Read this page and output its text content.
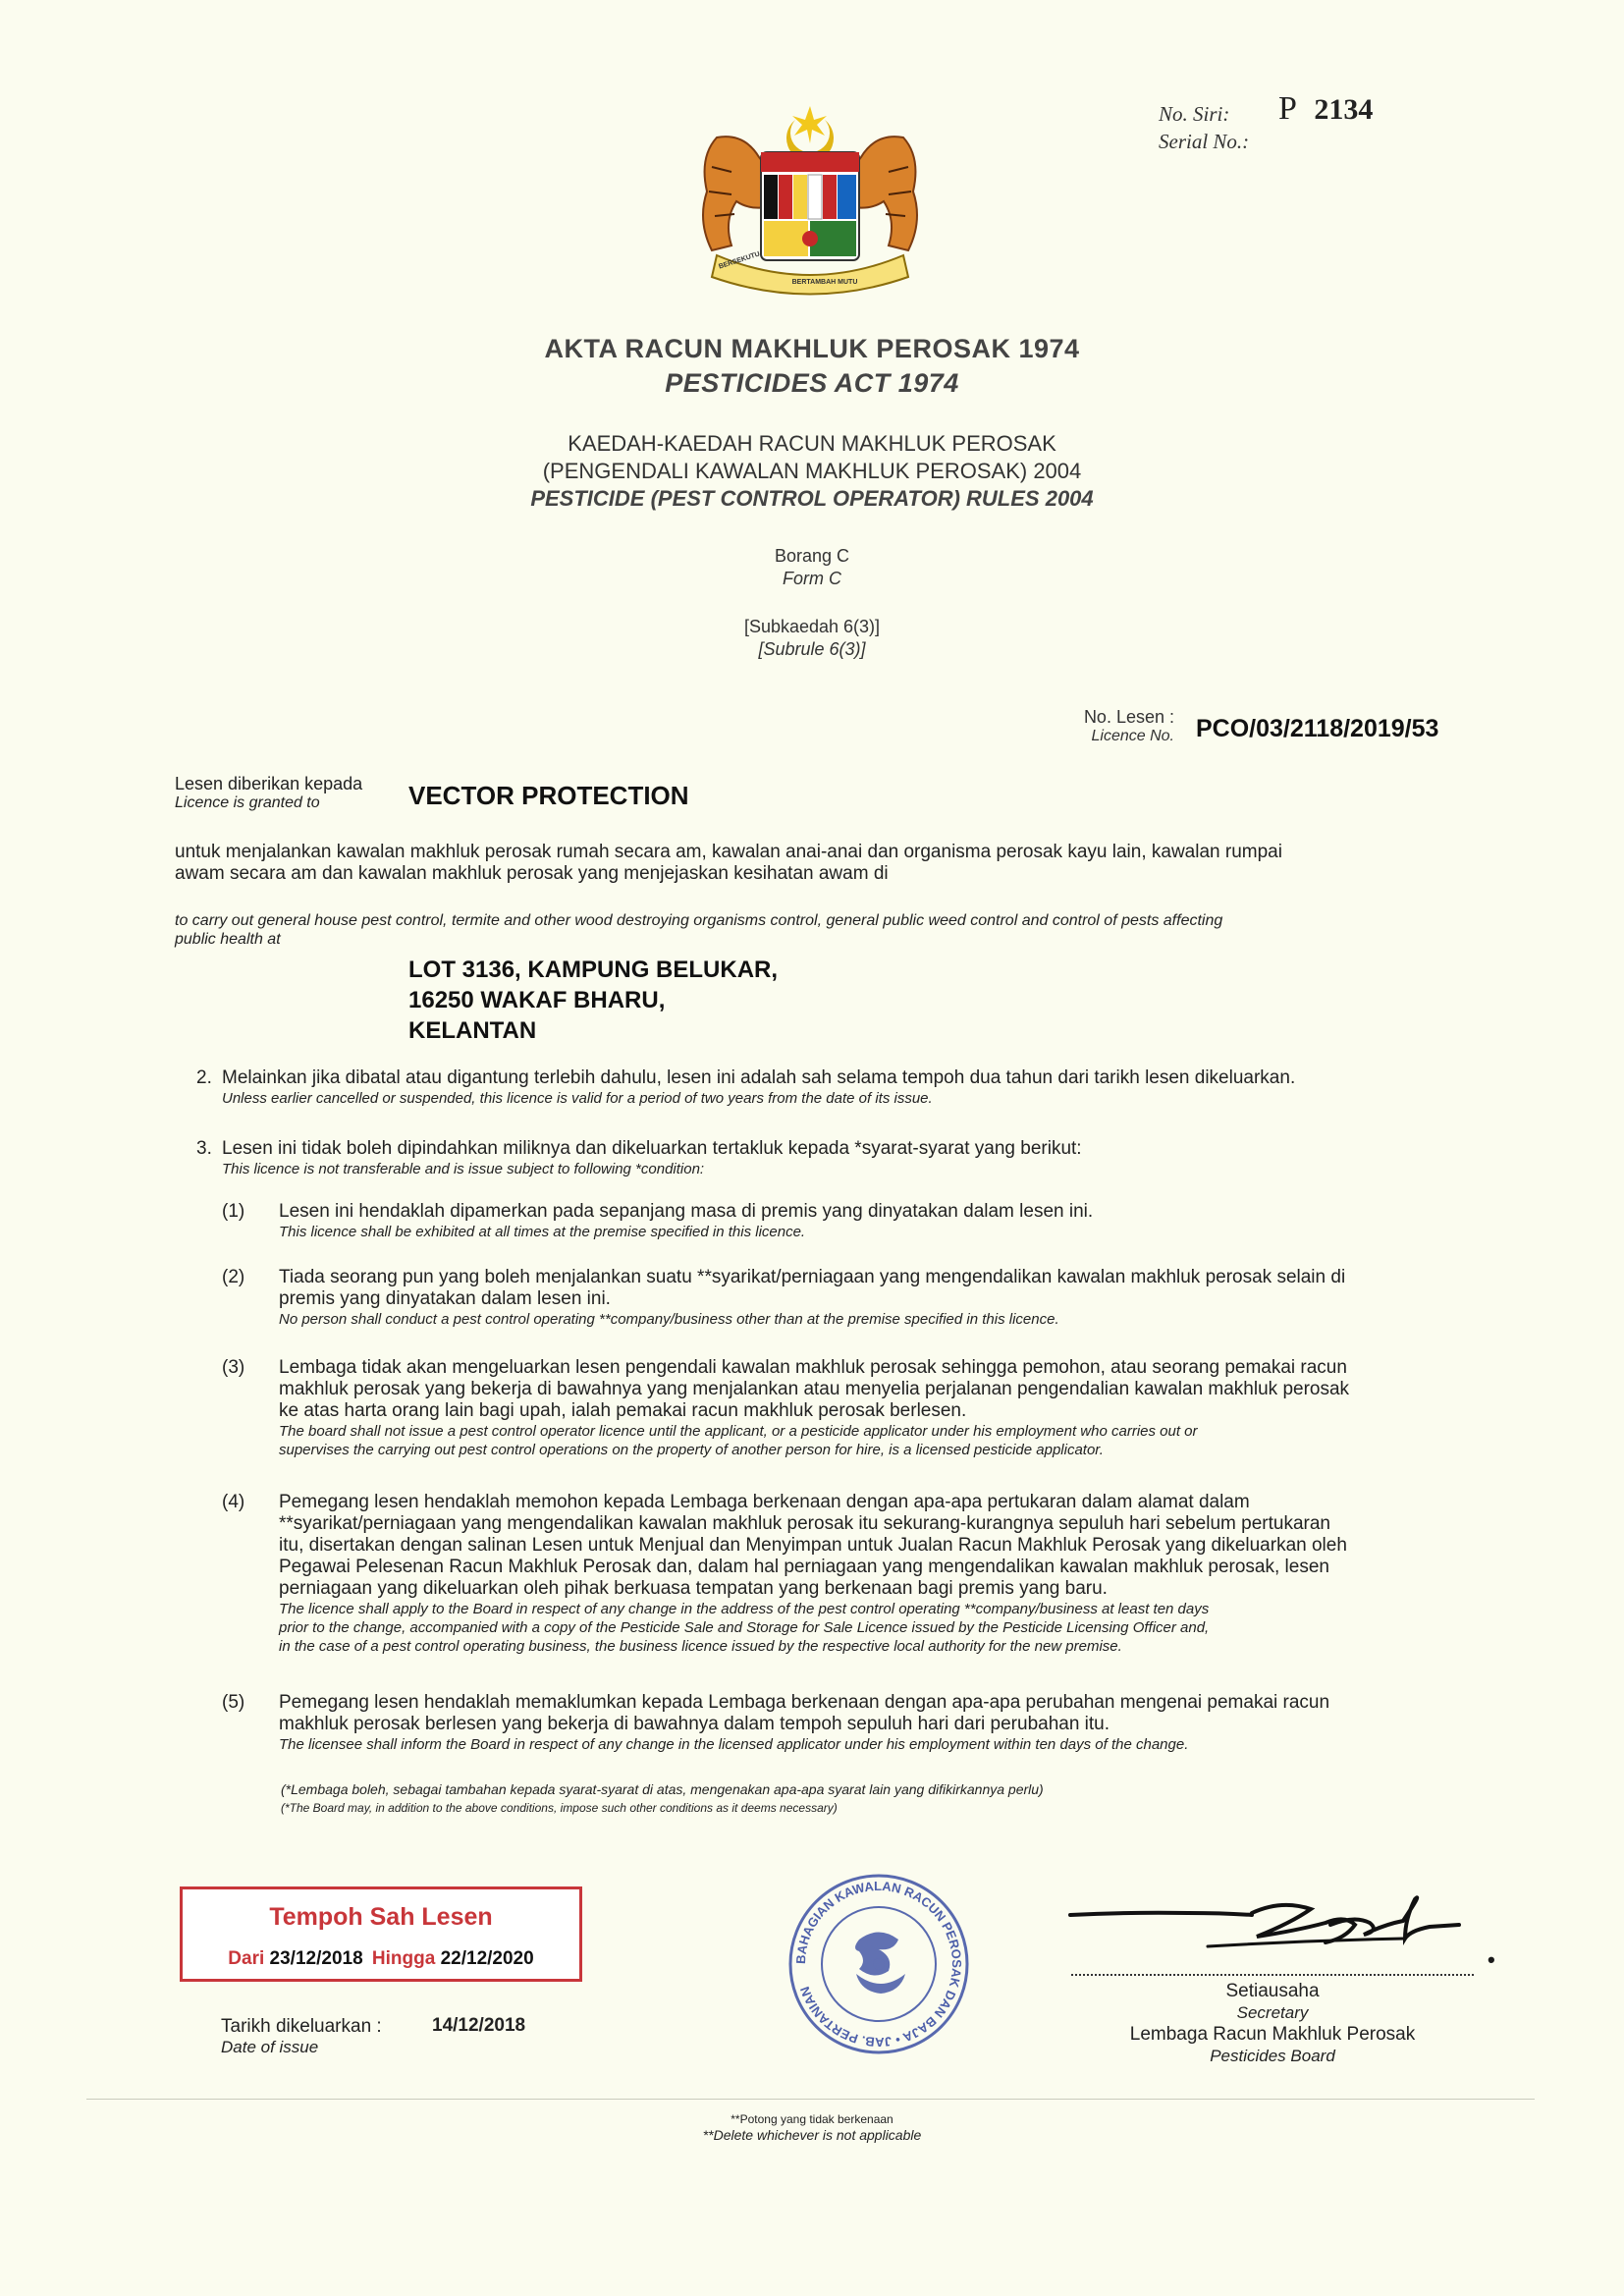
No. Siri:
Serial No.:
P 2134
BERSEKUTU
BERTAMBAH MUTU
AKTA RACUN MAKHLUK PEROSAK 1974
PESTICIDES ACT 1974
KAEDAH-KAEDAH RACUN MAKHLUK PEROSAK
(PENGENDALI KAWALAN MAKHLUK PEROSAK) 2004
PESTICIDE (PEST CONTROL OPERATOR) RULES 2004
Borang C
Form C
[Subkaedah 6(3)]
[Subrule 6(3)]
No. Lesen :
Licence No. PCO/03/2118/2019/53
Lesen diberikan kepada
Licence is granted to	VECTOR PROTECTION
untuk menjalankan kawalan makhluk perosak rumah secara am, kawalan anai-anai dan organisma perosak kayu lain, kawalan rumpai
awam secara am dan kawalan makhluk perosak yang menjejaskan kesihatan awam di
to carry out general house pest control, termite and other wood destroying organisms control, general public weed control and control of pests affecting
public health at
LOT 3136, KAMPUNG BELUKAR,
16250 WAKAF BHARU,
KELANTAN
2. Melainkan jika dibatal atau digantung terlebih dahulu, lesen ini adalah sah selama tempoh dua tahun dari tarikh lesen dikeluarkan.
Unless earlier cancelled or suspended, this licence is valid for a period of two years from the date of its issue.
3. Lesen ini tidak boleh dipindahkan miliknya dan dikeluarkan tertakluk kepada *syarat-syarat yang berikut:
This licence is not transferable and is issue subject to following *condition:
(1) Lesen ini hendaklah dipamerkan pada sepanjang masa di premis yang dinyatakan dalam lesen ini.
This licence shall be exhibited at all times at the premise specified in this licence.
(2) Tiada seorang pun yang boleh menjalankan suatu **syarikat/perniagaan yang mengendalikan kawalan makhluk perosak selain di
premis yang dinyatakan dalam lesen ini.
No person shall conduct a pest control operating **company/business other than at the premise specified in this licence.
(3) Lembaga tidak akan mengeluarkan lesen pengendali kawalan makhluk perosak sehingga pemohon, atau seorang pemakai racun
makhluk perosak yang bekerja di bawahnya yang menjalankan atau menyelia perjalanan pengendalian kawalan makhluk perosak
ke atas harta orang lain bagi upah, ialah pemakai racun makhluk perosak berlesen.
The board shall not issue a pest control operator licence until the applicant, or a pesticide applicator under his employment who carries out or
supervises the carrying out pest control operations on the property of another person for hire, is a licensed pesticide applicator.
(4) Pemegang lesen hendaklah memohon kepada Lembaga berkenaan dengan apa-apa pertukaran dalam alamat dalam
**syarikat/perniagaan yang mengendalikan kawalan makhluk perosak itu sekurang-kurangnya sepuluh hari sebelum pertukaran
itu, disertakan dengan salinan Lesen untuk Menjual dan Menyimpan untuk Jualan Racun Makhluk Perosak yang dikeluarkan oleh
Pegawai Pelesenan Racun Makhluk Perosak dan, dalam hal perniagaan yang mengendalikan kawalan makhluk perosak, lesen
perniagaan yang dikeluarkan oleh pihak berkuasa tempatan yang berkenaan bagi premis yang baru.
The licence shall apply to the Board in respect of any change in the address of the pest control operating **company/business at least ten days
prior to the change, accompanied with a copy of the Pesticide Sale and Storage for Sale Licence issued by the Pesticide Licensing Officer and,
in the case of a pest control operating business, the business licence issued by the respective local authority for the new premise.
(5) Pemegang lesen hendaklah memaklumkan kepada Lembaga berkenaan dengan apa-apa perubahan mengenai pemakai racun
makhluk perosak berlesen yang bekerja di bawahnya dalam tempoh sepuluh hari dari perubahan itu.
The licensee shall inform the Board in respect of any change in the licensed applicator under his employment within ten days of the change.
(*Lembaga boleh, sebagai tambahan kepada syarat-syarat di atas, mengenakan apa-apa syarat lain yang difikirkannya perlu)
(*The Board may, in addition to the above conditions, impose such other conditions as it deems necessary)
Tempoh Sah Lesen
Dari 23/12/2018 Hingga 22/12/2020
Tarikh dikeluarkan :
Date of issue
14/12/2018
BAHAGIAN KAWALAN RACUN PEROSAK DAN BAJA • JAB. PERTANIAN
•
Setiausaha
Secretary
Lembaga Racun Makhluk Perosak
Pesticides Board
**Potong yang tidak berkenaan
**Delete whichever is not applicable
